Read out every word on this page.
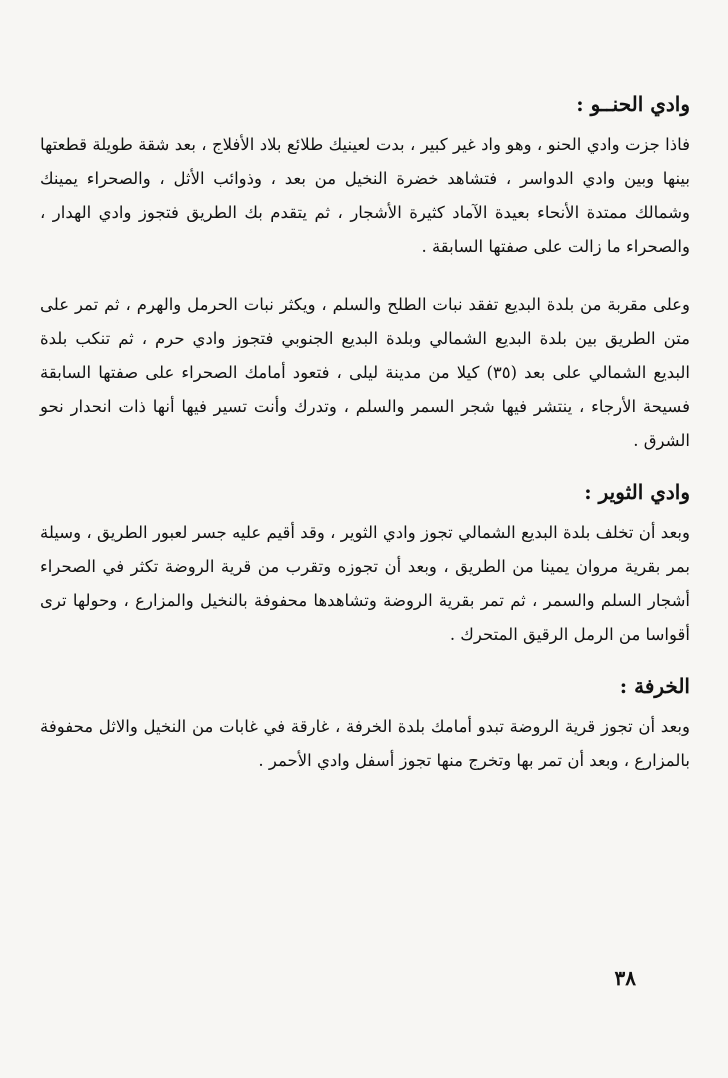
وادي الحنــو :

فاذا جزت وادي الحنو ، وهو واد غير كبير ، بدت لعينيك طلائع بلاد الأفلاج ، بعد شقة طويلة قطعتها بينها وبين وادي الدواسر ، فتشاهد خضرة النخيل من بعد ، وذوائب الأثل ، والصحراء يمينك وشمالك ممتدة الأنحاء بعيدة الآماد كثيرة الأشجار ، ثم يتقدم بك الطريق فتجوز وادي الهدار ، والصحراء ما زالت على صفتها السابقة .

وعلى مقربة من بلدة البديع تفقد نبات الطلح والسلم ، ويكثر نبات الحرمل والهرم ، ثم تمر على متن الطريق بين بلدة البديع الشمالي وبلدة البديع الجنوبي فتجوز وادي حرم ، ثم تنكب بلدة البديع الشمالي على بعد (٣٥) كيلا من مدينة ليلى ، فتعود أمامك الصحراء على صفتها السابقة فسيحة الأرجاء ، ينتشر فيها شجر السمر والسلم ، وتدرك وأنت تسير فيها أنها ذات انحدار نحو الشرق .

وادي الثوير :

وبعد أن تخلف بلدة البديع الشمالي تجوز وادي الثوير ، وقد أقيم عليه جسر لعبور الطريق ، وسيلة بمر بقرية مروان يمينا من الطريق ، وبعد أن تجوزه وتقرب من قرية الروضة تكثر في الصحراء أشجار السلم والسمر ، ثم تمر بقرية الروضة وتشاهدها محفوفة بالنخيل والمزارع ، وحولها ترى أقواسا من الرمل الرقيق المتحرك .

الخرفة :

وبعد أن تجوز قرية الروضة تبدو أمامك بلدة الخرفة ، غارقة في غابات من النخيل والاثل محفوفة بالمزارع ، وبعد أن تمر بها وتخرج منها تجوز أسفل وادي الأحمر .

٣٨
